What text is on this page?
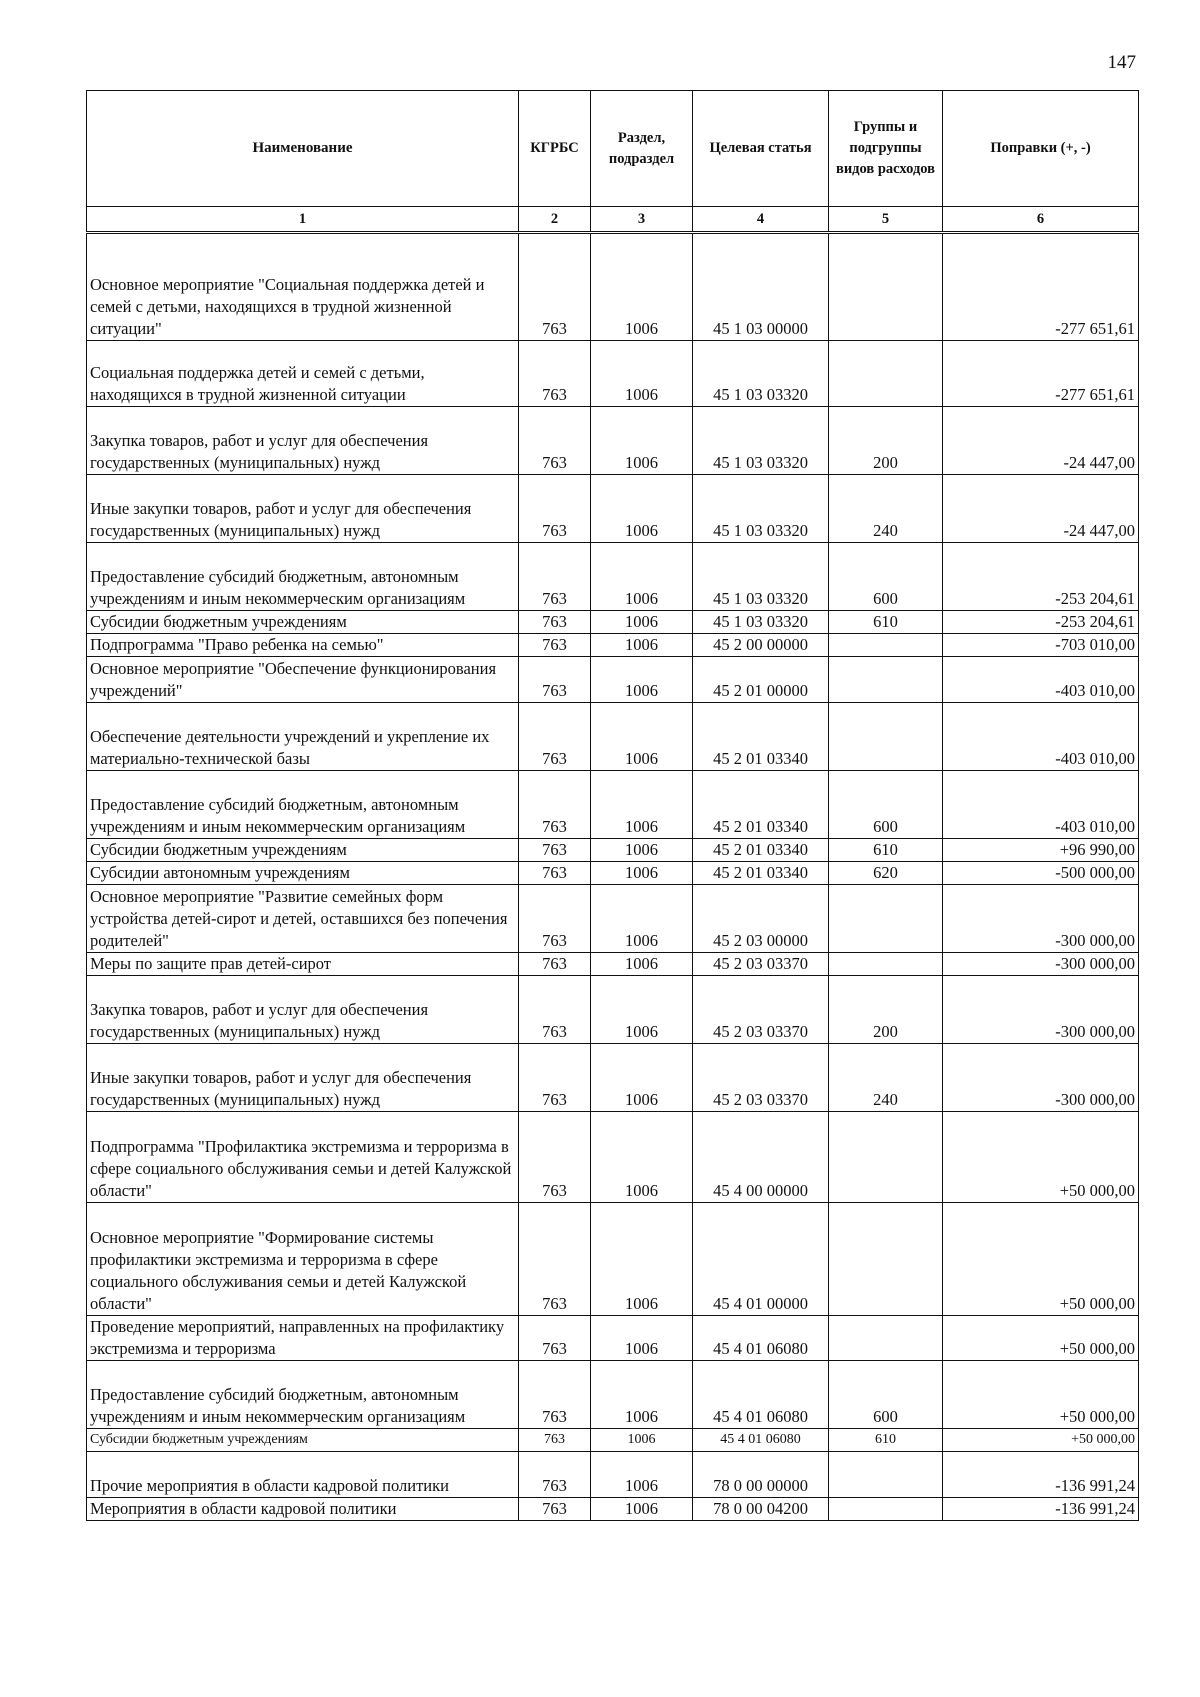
147
Наименование	КГРБС	Раздел, подраздел	Целевая статья	Группы и подгруппы видов расходов	Поправки (+, -)
1	2	3	4	5	6
Основное мероприятие "Социальная поддержка детей и семей с детьми, находящихся в трудной жизненной ситуации"	763	1006	45 1 03 00000		-277 651,61
Социальная поддержка детей и семей с детьми, находящихся в трудной жизненной ситуации	763	1006	45 1 03 03320		-277 651,61
Закупка товаров, работ и услуг для обеспечения государственных (муниципальных) нужд	763	1006	45 1 03 03320	200	-24 447,00
Иные закупки товаров, работ и услуг для обеспечения государственных (муниципальных) нужд	763	1006	45 1 03 03320	240	-24 447,00
Предоставление субсидий бюджетным, автономным учреждениям и иным некоммерческим организациям	763	1006	45 1 03 03320	600	-253 204,61
Субсидии бюджетным учреждениям	763	1006	45 1 03 03320	610	-253 204,61
Подпрограмма "Право ребенка на семью"	763	1006	45 2 00 00000		-703 010,00
Основное мероприятие "Обеспечение функционирования учреждений"	763	1006	45 2 01 00000		-403 010,00
Обеспечение деятельности учреждений и укрепление их материально-технической базы	763	1006	45 2 01 03340		-403 010,00
Предоставление субсидий бюджетным, автономным учреждениям и иным некоммерческим организациям	763	1006	45 2 01 03340	600	-403 010,00
Субсидии бюджетным учреждениям	763	1006	45 2 01 03340	610	+96 990,00
Субсидии автономным учреждениям	763	1006	45 2 01 03340	620	-500 000,00
Основное мероприятие "Развитие семейных форм устройства детей-сирот и детей, оставшихся без попечения родителей"	763	1006	45 2 03 00000		-300 000,00
Меры по защите прав детей-сирот	763	1006	45 2 03 03370		-300 000,00
Закупка товаров, работ и услуг для обеспечения государственных (муниципальных) нужд	763	1006	45 2 03 03370	200	-300 000,00
Иные закупки товаров, работ и услуг для обеспечения государственных (муниципальных) нужд	763	1006	45 2 03 03370	240	-300 000,00
Подпрограмма "Профилактика экстремизма и терроризма в сфере социального обслуживания семьи и детей Калужской области"	763	1006	45 4 00 00000		+50 000,00
Основное мероприятие "Формирование системы профилактики экстремизма и терроризма в сфере социального обслуживания семьи и детей Калужской области"	763	1006	45 4 01 00000		+50 000,00
Проведение мероприятий, направленных на профилактику экстремизма и терроризма	763	1006	45 4 01 06080		+50 000,00
Предоставление субсидий бюджетным, автономным учреждениям и иным некоммерческим организациям	763	1006	45 4 01 06080	600	+50 000,00
Субсидии бюджетным учреждениям	763	1006	45 4 01 06080	610	+50 000,00
Прочие мероприятия в области кадровой политики	763	1006	78 0 00 00000		-136 991,24
Мероприятия в области кадровой политики	763	1006	78 0 00 04200		-136 991,24
